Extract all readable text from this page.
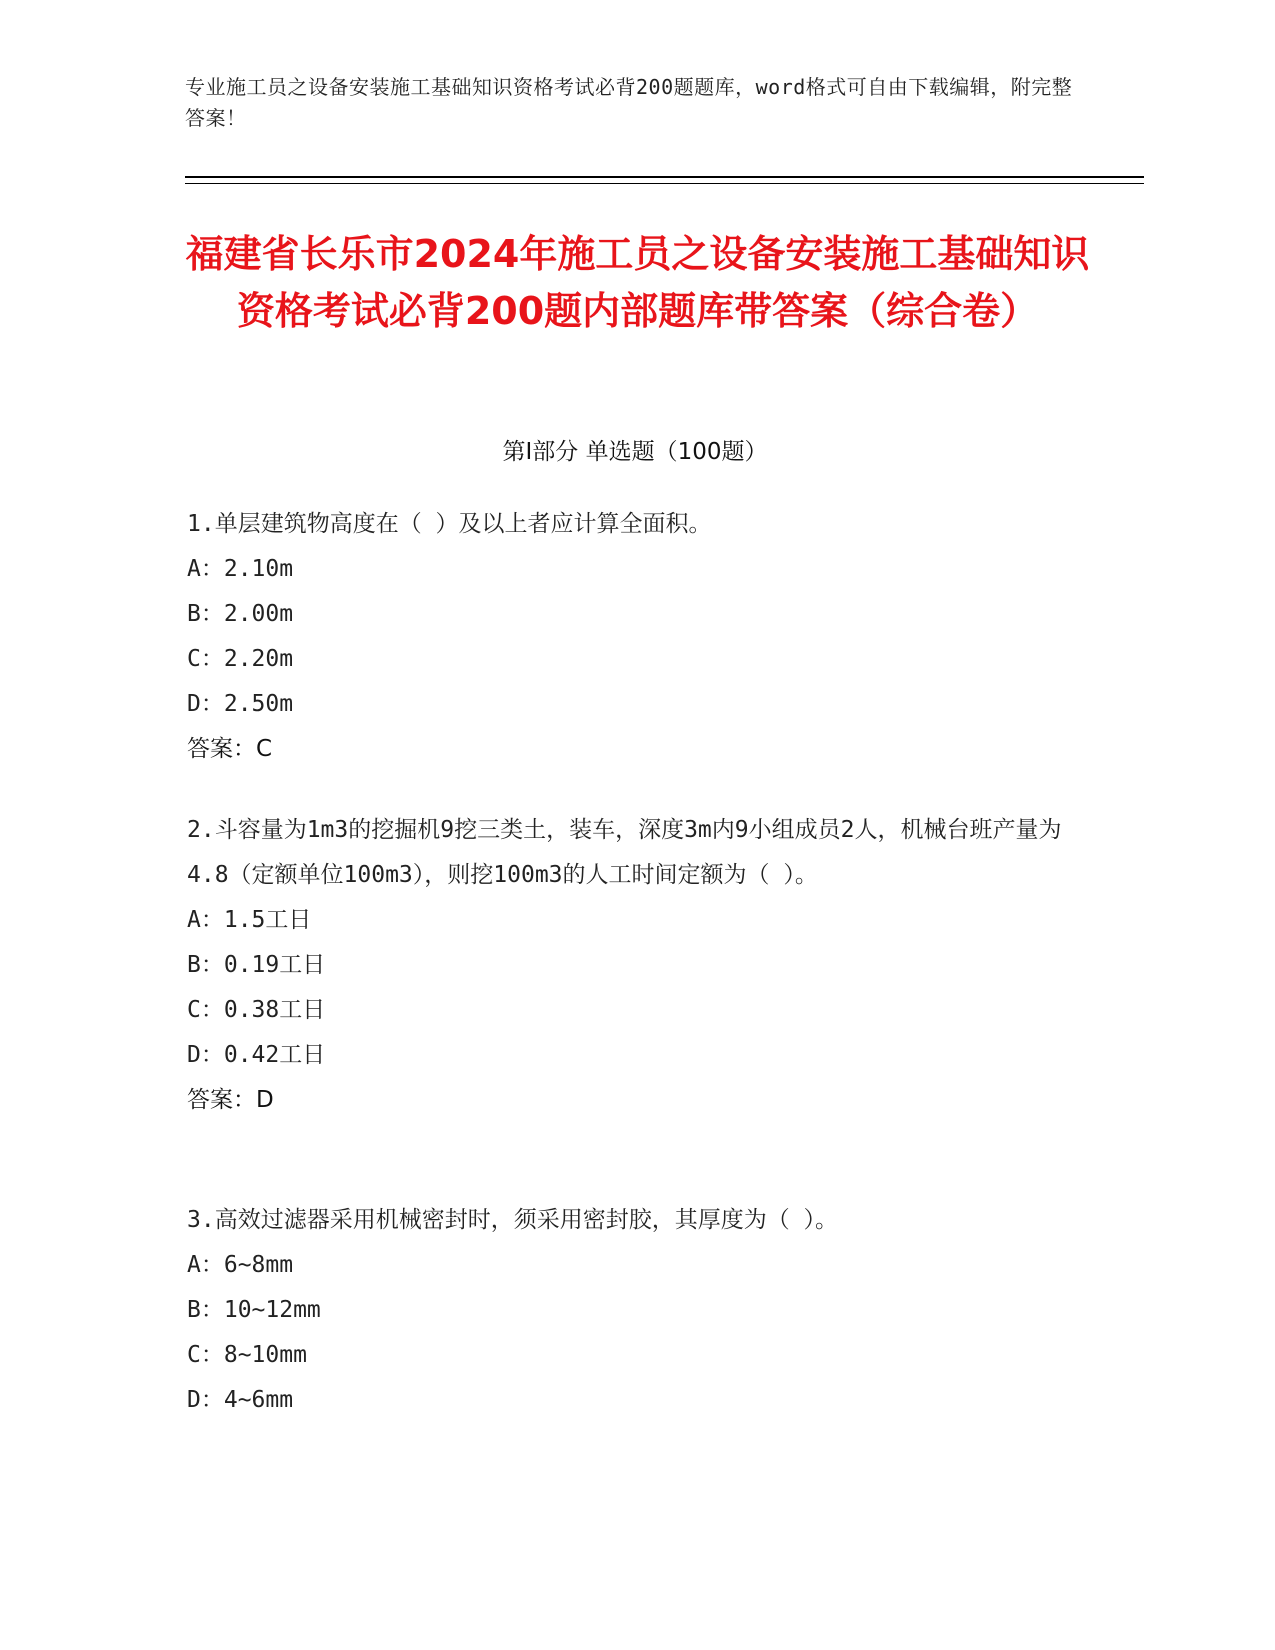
专业施工员之设备安装施工基础知识资格考试必背200题题库，word格式可自由下载编辑，附完整答案！
福建省长乐市2024年施工员之设备安装施工基础知识资格考试必背200题内部题库带答案（综合卷）
第Ⅰ部分 单选题（100题）
1.单层建筑物高度在（ ）及以上者应计算全面积。
A：2.10m
B：2.00m
C：2.20m
D：2.50m
答案：C
2.斗容量为1m3的挖掘机9挖三类土，装车，深度3m内9小组成员2人，机械台班产量为4.8（定额单位100m3），则挖100m3的人工时间定额为（ ）。
A：1.5工日
B：0.19工日
C：0.38工日
D：0.42工日
答案：D
3.高效过滤器采用机械密封时，须采用密封胶，其厚度为（ ）。
A：6~8mm
B：10~12mm
C：8~10mm
D：4~6mm
